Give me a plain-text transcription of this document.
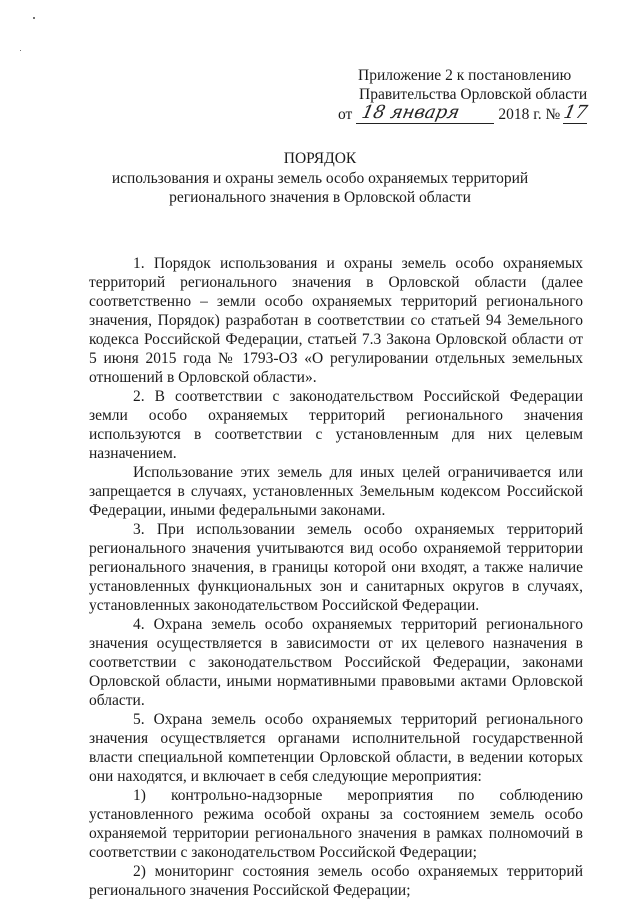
Приложение 2 к постановлению
Правительства Орловской области
от 18 января	2018 г. № 17
ПОРЯДОК
использования и охраны земель особо охраняемых территорий
регионального значения в Орловской области

1. Порядок использования и охраны земель особо охраняемых территорий регионального значения в Орловской области (далее соответственно – земли особо охраняемых территорий регионального значения, Порядок) разработан в соответствии со статьей 94 Земельного кодекса Российской Федерации, статьей 7.3 Закона Орловской области от 5 июня 2015 года № 1793-ОЗ «О регулировании отдельных земельных отношений в Орловской области».

2. В соответствии с законодательством Российской Федерации земли особо охраняемых территорий регионального значения используются в соответствии с установленным для них целевым назначением.

Использование этих земель для иных целей ограничивается или запрещается в случаях, установленных Земельным кодексом Российской Федерации, иными федеральными законами.

3. При использовании земель особо охраняемых территорий регионального значения учитываются вид особо охраняемой территории регионального значения, в границы которой они входят, а также наличие установленных функциональных зон и санитарных округов в случаях, установленных законодательством Российской Федерации.

4. Охрана земель особо охраняемых территорий регионального значения осуществляется в зависимости от их целевого назначения в соответствии с законодательством Российской Федерации, законами Орловской области, иными нормативными правовыми актами Орловской области.

5. Охрана земель особо охраняемых территорий регионального значения осуществляется органами исполнительной государственной власти специальной компетенции Орловской области, в ведении которых они находятся, и включает в себя следующие мероприятия:

1) контрольно-надзорные мероприятия по соблюдению установленного режима особой охраны за состоянием земель особо охраняемой территории регионального значения в рамках полномочий в соответствии с законодательством Российской Федерации;

2) мониторинг состояния земель особо охраняемых территорий регионального значения Российской Федерации;
